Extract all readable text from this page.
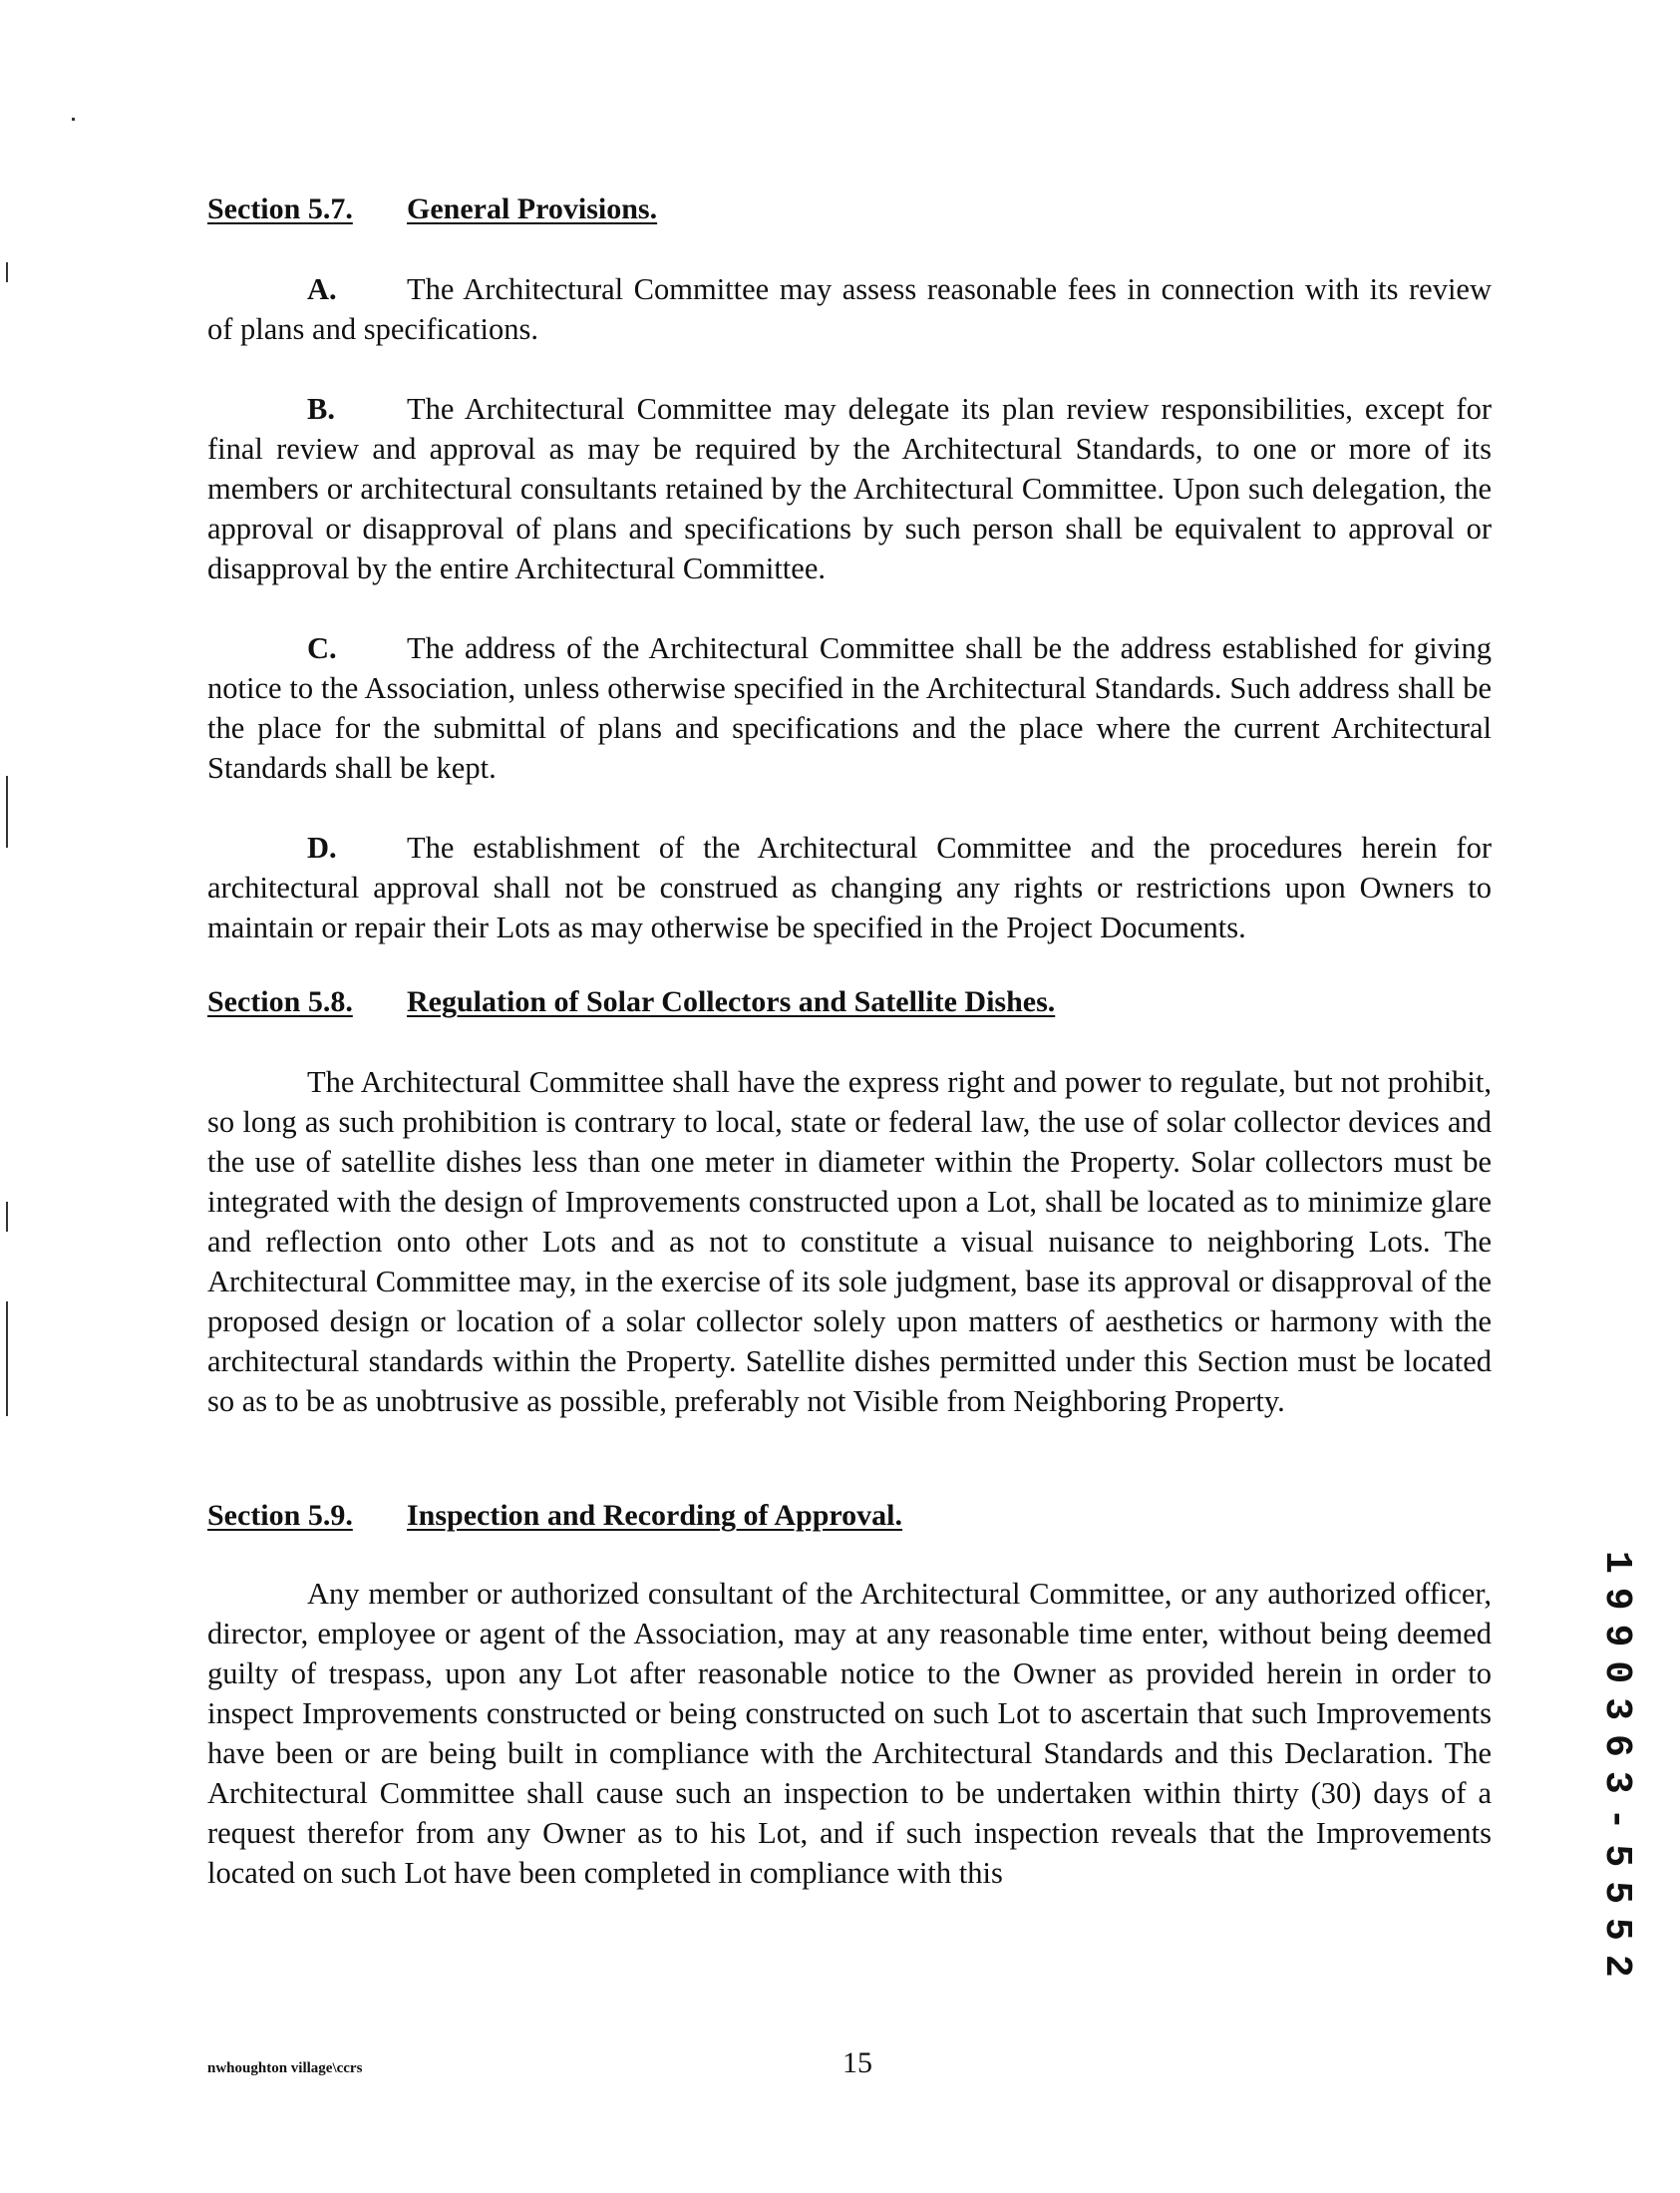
Section 5.7. General Provisions.
A. The Architectural Committee may assess reasonable fees in connection with its review of plans and specifications.
B. The Architectural Committee may delegate its plan review responsibilities, except for final review and approval as may be required by the Architectural Standards, to one or more of its members or architectural consultants retained by the Architectural Committee. Upon such delegation, the approval or disapproval of plans and specifications by such person shall be equivalent to approval or disapproval by the entire Architectural Committee.
C. The address of the Architectural Committee shall be the address established for giving notice to the Association, unless otherwise specified in the Architectural Standards. Such address shall be the place for the submittal of plans and specifications and the place where the current Architectural Standards shall be kept.
D. The establishment of the Architectural Committee and the procedures herein for architectural approval shall not be construed as changing any rights or restrictions upon Owners to maintain or repair their Lots as may otherwise be specified in the Project Documents.
Section 5.8. Regulation of Solar Collectors and Satellite Dishes.
The Architectural Committee shall have the express right and power to regulate, but not prohibit, so long as such prohibition is contrary to local, state or federal law, the use of solar collector devices and the use of satellite dishes less than one meter in diameter within the Property. Solar collectors must be integrated with the design of Improvements constructed upon a Lot, shall be located as to minimize glare and reflection onto other Lots and as not to constitute a visual nuisance to neighboring Lots. The Architectural Committee may, in the exercise of its sole judgment, base its approval or disapproval of the proposed design or location of a solar collector solely upon matters of aesthetics or harmony with the architectural standards within the Property. Satellite dishes permitted under this Section must be located so as to be as unobtrusive as possible, preferably not Visible from Neighboring Property.
Section 5.9. Inspection and Recording of Approval.
Any member or authorized consultant of the Architectural Committee, or any authorized officer, director, employee or agent of the Association, may at any reasonable time enter, without being deemed guilty of trespass, upon any Lot after reasonable notice to the Owner as provided herein in order to inspect Improvements constructed or being constructed on such Lot to ascertain that such Improvements have been or are being built in compliance with the Architectural Standards and this Declaration. The Architectural Committee shall cause such an inspection to be undertaken within thirty (30) days of a request therefor from any Owner as to his Lot, and if such inspection reveals that the Improvements located on such Lot have been completed in compliance with this
nwhoughton village\ccrs	15
1990363-5552
